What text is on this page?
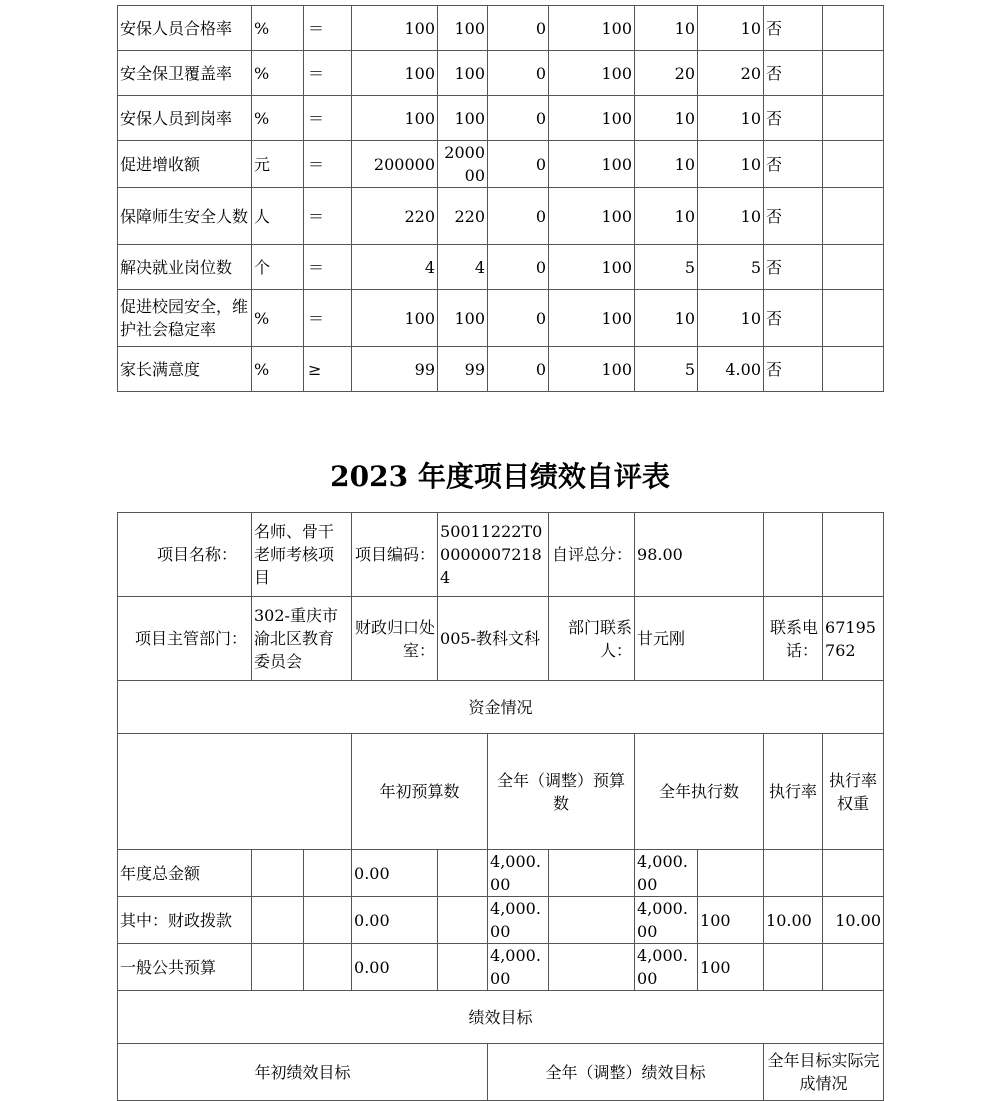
安保人员合格率	%	＝	100	100	0	100	10	10	否	
安全保卫覆盖率	%	＝	100	100	0	100	20	20	否	
安保人员到岗率	%	＝	100	100	0	100	10	10	否	
促进增收额	元	＝	200000	200000	0	100	10	10	否	
保障师生安全人数	人	＝	220	220	0	100	10	10	否	
解决就业岗位数	个	＝	4	4	0	100	5	5	否	
促进校园安全，维护社会稳定率	%	＝	100	100	0	100	10	10	否	
家长满意度	%	≥	99	99	0	100	5	4.00	否	
2023 年度项目绩效自评表
项目名称：	名师、骨干老师考核项目		项目编码：	50011222T000000072184		自评总分：	98.00				
项目主管部门：	302-重庆市渝北区教育委员会		财政归口处室：	005-教科文科		部门联系人：	甘元刚		联系电话：	67195762	
资金情况											
			年初预算数		全年（调整）预算数		全年执行数		执行率	执行率权重	
年度总金额			0.00		4,000.00		4,000.00				
其中：财政拨款			0.00		4,000.00		4,000.00	100	10.00	10.00	
一般公共预算			0.00		4,000.00		4,000.00	100			
绩效目标											
年初绩效目标					全年（调整）绩效目标				全年目标实际完成情况		
